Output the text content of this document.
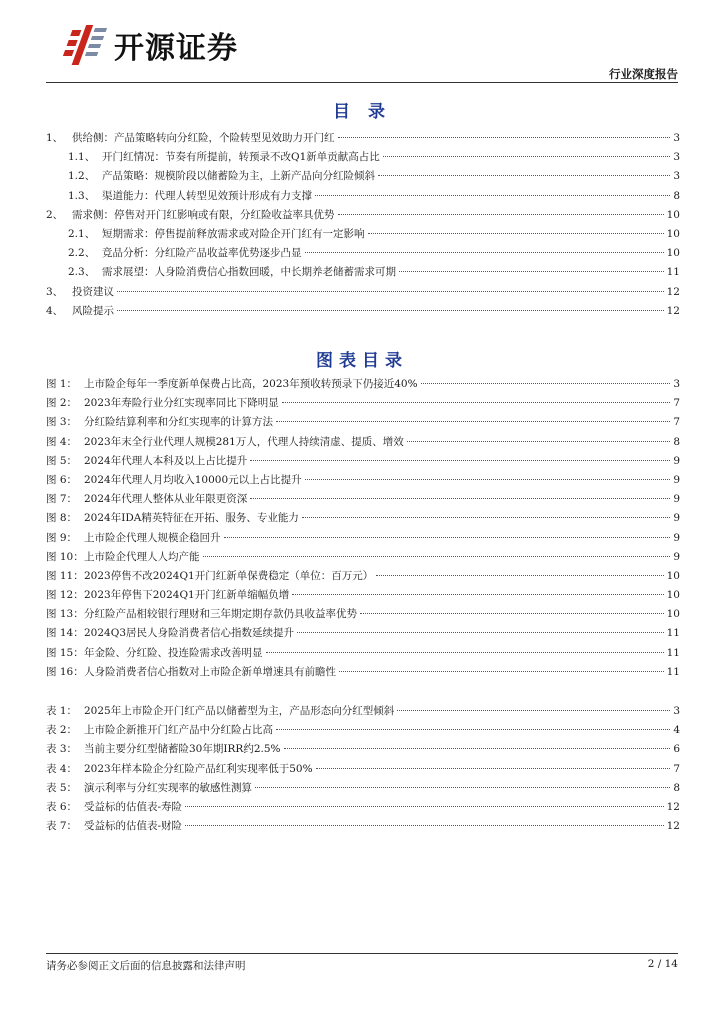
开源证券
行业深度报告
目 录
1、 供给侧：产品策略转向分红险，个险转型见效助力开门红	3
1.1、 开门红情况：节奏有所提前，转预录不改Q1新单贡献高占比	3
1.2、 产品策略：规模阶段以储蓄险为主，上新产品向分红险倾斜	3
1.3、 渠道能力：代理人转型见效预计形成有力支撑	8
2、 需求侧：停售对开门红影响或有限，分红险收益率具优势	10
2.1、 短期需求：停售提前释放需求或对险企开门红有一定影响	10
2.2、 竞品分析：分红险产品收益率优势逐步凸显	10
2.3、 需求展望：人身险消费信心指数回暖，中长期养老储蓄需求可期	11
3、 投资建议	12
4、 风险提示	12
图表目录
图 1： 上市险企每年一季度新单保费占比高，2023年预收转预录下仍接近40%	3
图 2： 2023年寿险行业分红实现率同比下降明显	7
图 3： 分红险结算利率和分红实现率的计算方法	7
图 4： 2023年末全行业代理人规模281万人，代理人持续清虚、提质、增效	8
图 5： 2024年代理人本科及以上占比提升	9
图 6： 2024年代理人月均收入10000元以上占比提升	9
图 7： 2024年代理人整体从业年限更资深	9
图 8： 2024年IDA精英特征在开拓、服务、专业能力	9
图 9： 上市险企代理人规模企稳回升	9
图 10： 上市险企代理人人均产能	9
图 11： 2023停售不改2024Q1开门红新单保费稳定（单位：百万元）	10
图 12： 2023年停售下2024Q1开门红新单缩幅负增	10
图 13： 分红险产品相较银行理财和三年期定期存款仍具收益率优势	10
图 14： 2024Q3居民人身险消费者信心指数延续提升	11
图 15： 年金险、分红险、投连险需求改善明显	11
图 16： 人身险消费者信心指数对上市险企新单增速具有前瞻性	11
表 1： 2025年上市险企开门红产品以储蓄型为主，产品形态向分红型倾斜	3
表 2： 上市险企新推开门红产品中分红险占比高	4
表 3： 当前主要分红型储蓄险30年期IRR约2.5%	6
表 4： 2023年样本险企分红险产品红利实现率低于50%	7
表 5： 演示利率与分红实现率的敏感性测算	8
表 6： 受益标的估值表-寿险	12
表 7： 受益标的估值表-财险	12
请务必参阅正文后面的信息披露和法律声明	2 / 14
